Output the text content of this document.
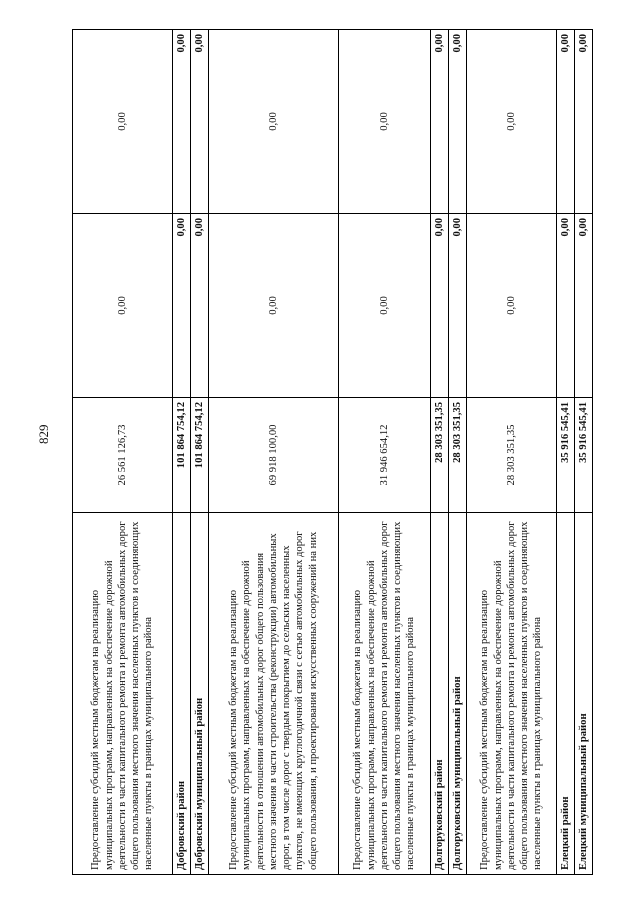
829
Предоставление субсидий местным бюджетам на реализацию муниципальных программ, направленных на обеспечение дорожной деятельности в части капитального ремонта и ремонта автомобильных дорог общего пользования местного значения населенных пунктов и соединяющих населенные пункты в границах муниципального района	26 561 126,73	0,00	0,00
Добровский район	101 864 754,12	0,00	0,00
Добровский муниципальный район	101 864 754,12	0,00	0,00
Предоставление субсидий местным бюджетам на реализацию муниципальных программ, направленных на обеспечение дорожной деятельности в отношении автомобильных дорог общего пользования местного значения в части строительства (реконструкции) автомобильных дорог, в том числе дорог с твердым покрытием до сельских населенных пунктов, не имеющих круглогодичной связи с сетью автомобильных дорог общего пользования, и проектирования искусственных сооружений на них	69 918 100,00	0,00	0,00
Предоставление субсидий местным бюджетам на реализацию муниципальных программ, направленных на обеспечение дорожной деятельности в части капитального ремонта и ремонта автомобильных дорог общего пользования местного значения населенных пунктов и соединяющих населенные пункты в границах муниципального района	31 946 654,12	0,00	0,00
Долгоруковский район	28 303 351,35	0,00	0,00
Долгоруковский муниципальный район	28 303 351,35	0,00	0,00
Предоставление субсидий местным бюджетам на реализацию муниципальных программ, направленных на обеспечение дорожной деятельности в части капитального ремонта и ремонта автомобильных дорог общего пользования местного значения населенных пунктов и соединяющих населенные пункты в границах муниципального района	28 303 351,35	0,00	0,00
Елецкий район	35 916 545,41	0,00	0,00
Елецкий муниципальный район	35 916 545,41	0,00	0,00
